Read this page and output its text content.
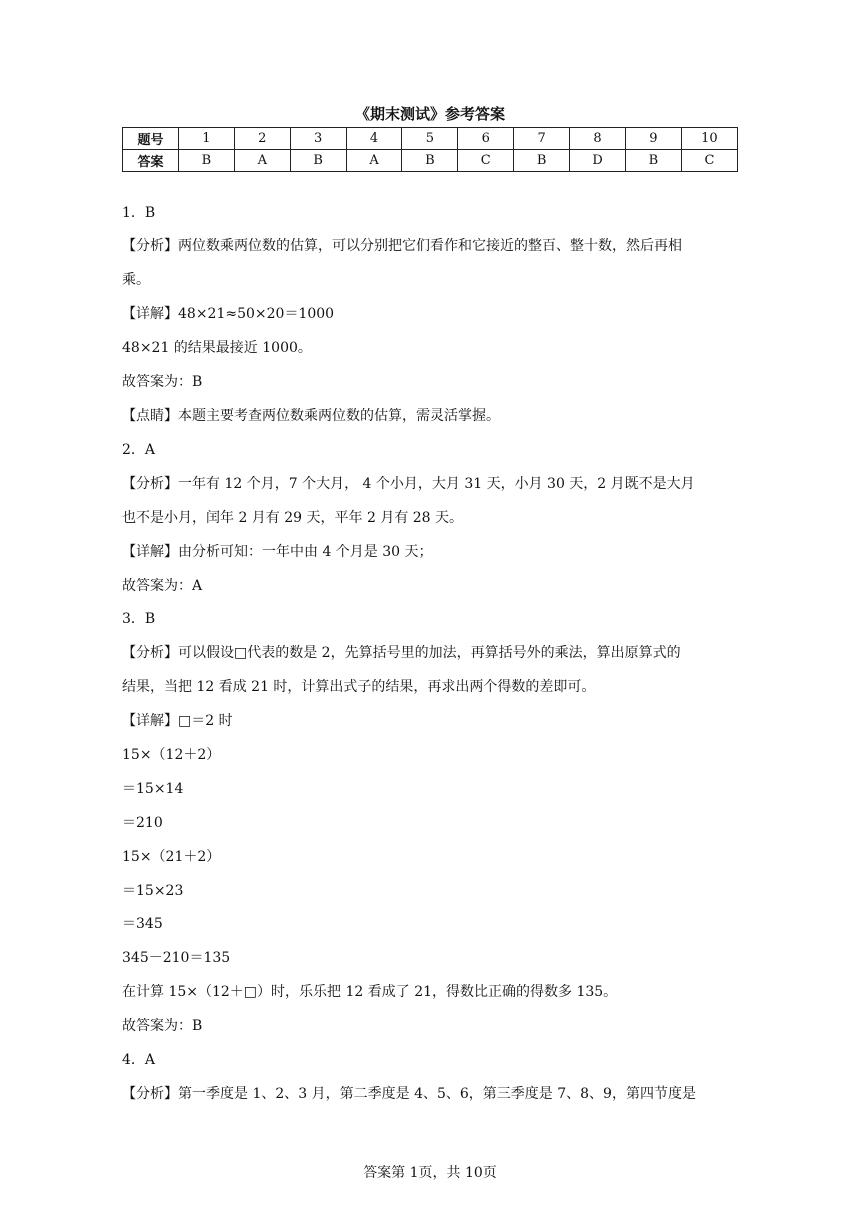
《期末测试》参考答案
题号	1	2	3	4	5	6	7	8	9	10
答案	B	A	B	A	B	C	B	D	B	C
1．B
【分析】两位数乘两位数的估算，可以分别把它们看作和它接近的整百、整十数，然后再相
乘。
【详解】48×21≈50×20＝1000
48×21 的结果最接近 1000。
故答案为：B
【点睛】本题主要考查两位数乘两位数的估算，需灵活掌握。
2．A
【分析】一年有 12 个月，7 个大月， 4 个小月，大月 31 天，小月 30 天，2 月既不是大月
也不是小月，闰年 2 月有 29 天，平年 2 月有 28 天。
【详解】由分析可知：一年中由 4 个月是 30 天；
故答案为：A
3．B
【分析】可以假设□代表的数是 2，先算括号里的加法，再算括号外的乘法，算出原算式的
结果，当把 12 看成 21 时，计算出式子的结果，再求出两个得数的差即可。
【详解】□＝2 时
15×（12＋2）
＝15×14
＝210
15×（21＋2）
＝15×23
＝345
345－210＝135
在计算 15×（12＋□）时，乐乐把 12 看成了 21，得数比正确的得数多 135。
故答案为：B
4．A
【分析】第一季度是 1、2、3 月，第二季度是 4、5、6，第三季度是 7、8、9，第四节度是
答案第 1页，共 10页
